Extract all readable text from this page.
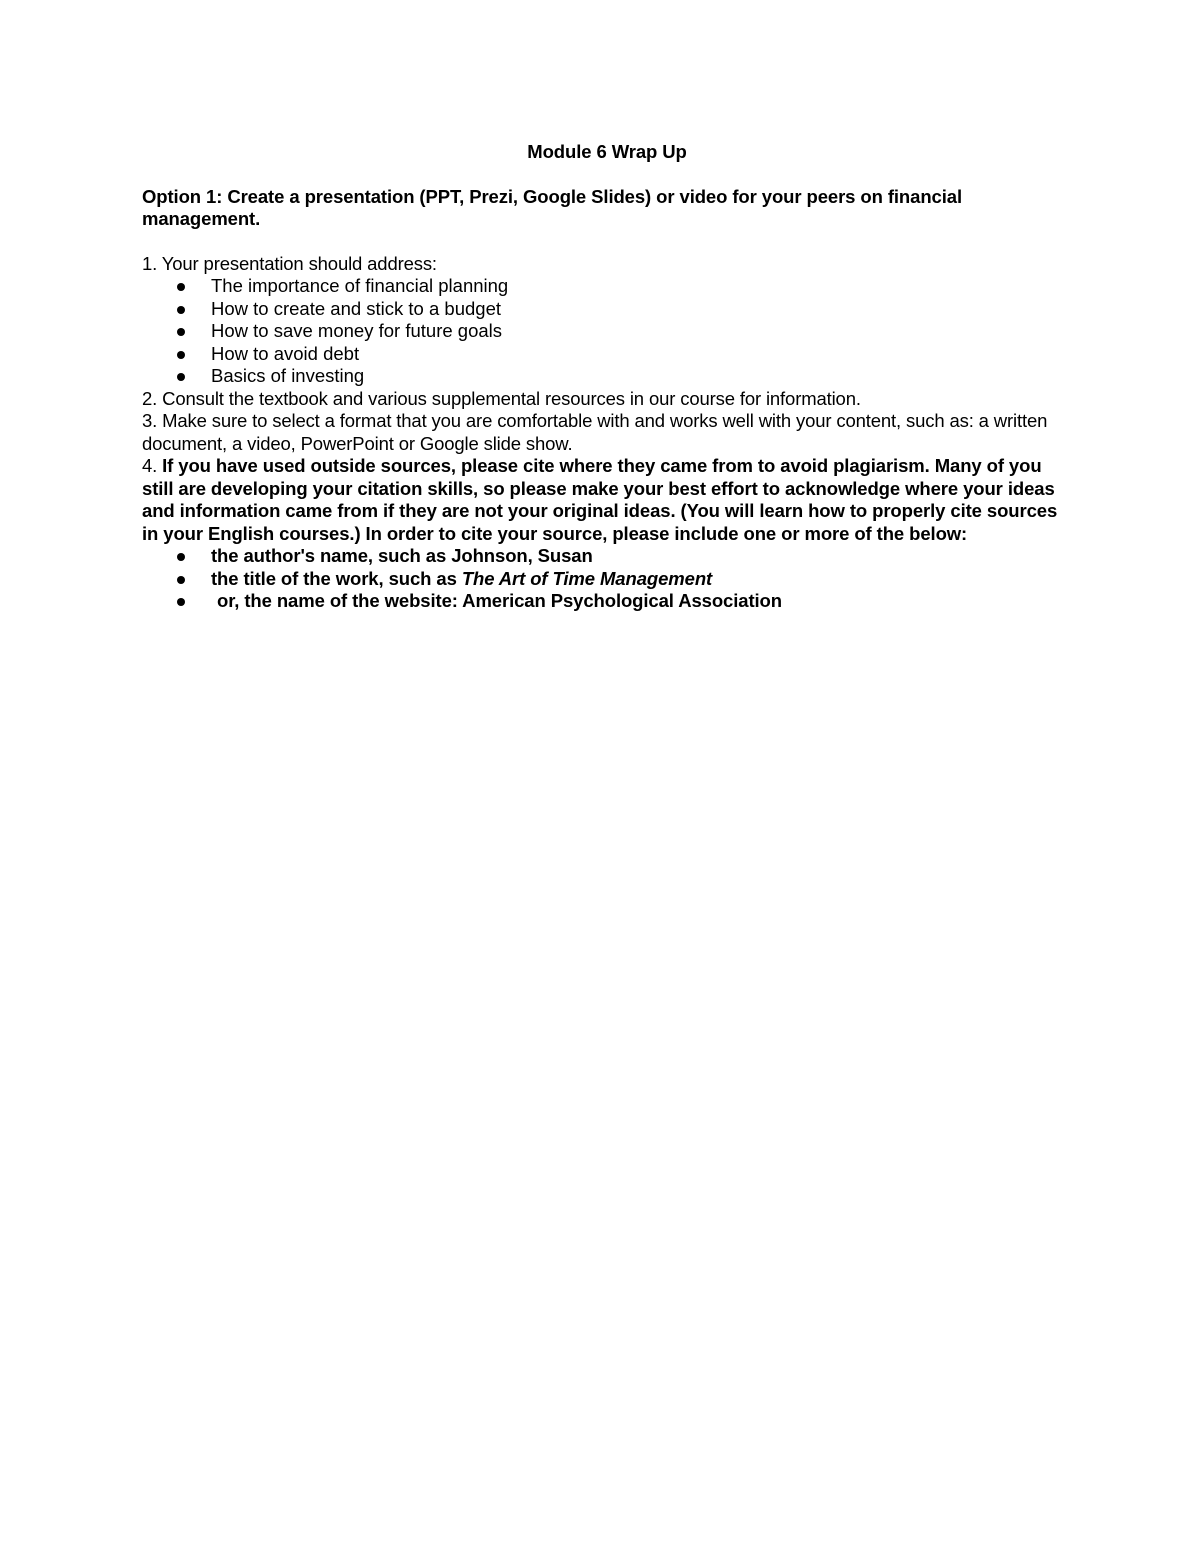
Module 6 Wrap Up

Option 1: Create a presentation (PPT, Prezi, Google Slides) or video for your peers on financial management.

1. Your presentation should address:

The importance of financial planning
How to create and stick to a budget
How to save money for future goals
How to avoid debt
Basics of investing

2. Consult the textbook and various supplemental resources in our course for information.

3. Make sure to select a format that you are comfortable with and works well with your content, such as: a written document, a video, PowerPoint or Google slide show.

4. If you have used outside sources, please cite where they came from to avoid plagiarism. Many of you still are developing your citation skills, so please make your best effort to acknowledge where your ideas and information came from if they are not your original ideas. (You will learn how to properly cite sources in your English courses.) In order to cite your source, please include one or more of the below:

the author's name, such as Johnson, Susan
the title of the work, such as The Art of Time Management
or, the name of the website: American Psychological Association
